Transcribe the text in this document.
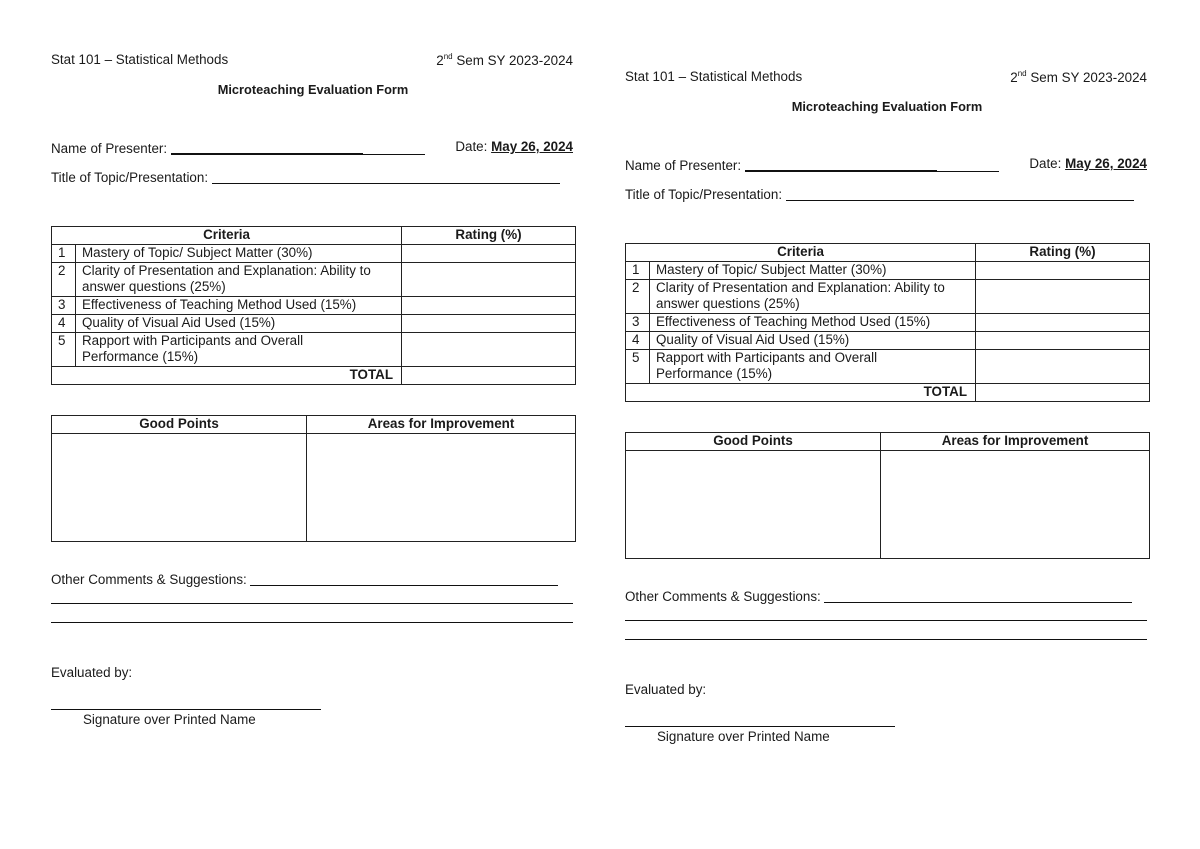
Stat 101 – Statistical Methods	2nd Sem SY 2023-2024
Microteaching Evaluation Form
Name of Presenter:	Date: May 26, 2024
Title of Topic/Presentation:
Criteria		Rating (%)
1	Mastery of Topic/ Subject Matter (30%)	
2	Clarity of Presentation and Explanation: Ability to answer questions (25%)	
3	Effectiveness of Teaching Method Used (15%)	
4	Quality of Visual Aid Used (15%)	
5	Rapport with Participants and Overall Performance (15%)	
TOTAL		
Good Points	Areas for Improvement

Other Comments & Suggestions:
Evaluated by:
Signature over Printed Name
Stat 101 – Statistical Methods	2nd Sem SY 2023-2024
Microteaching Evaluation Form
Name of Presenter:	Date: May 26, 2024
Title of Topic/Presentation:
Criteria		Rating (%)
1	Mastery of Topic/ Subject Matter (30%)	
2	Clarity of Presentation and Explanation: Ability to answer questions (25%)	
3	Effectiveness of Teaching Method Used (15%)	
4	Quality of Visual Aid Used (15%)	
5	Rapport with Participants and Overall Performance (15%)	
TOTAL		
Good Points	Areas for Improvement

Other Comments & Suggestions:
Evaluated by:
Signature over Printed Name
